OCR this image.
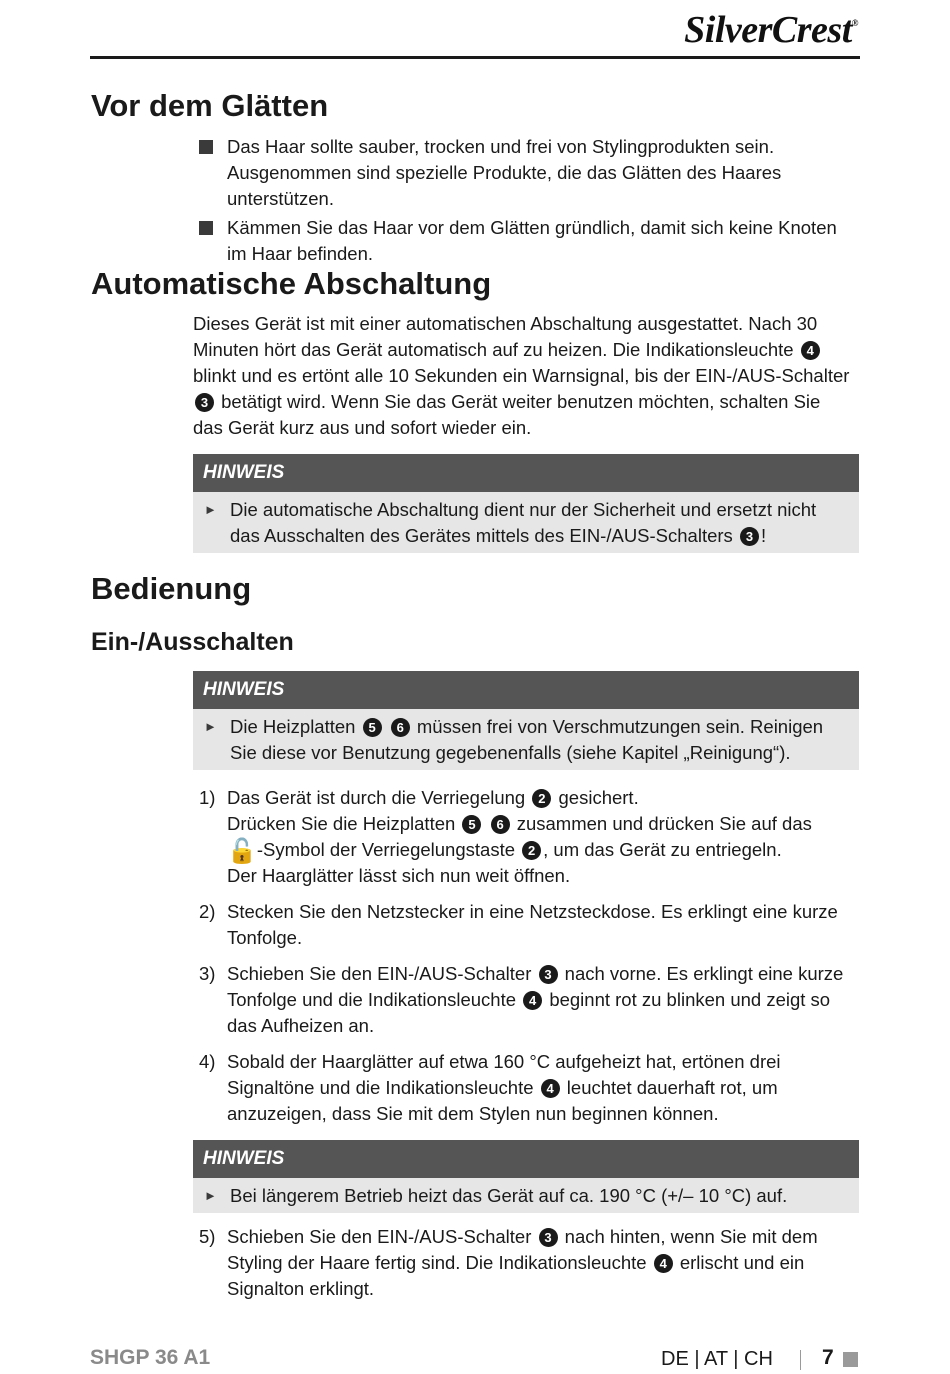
SilverCrest®
Vor dem Glätten
Das Haar sollte sauber, trocken und frei von Stylingprodukten sein. Ausgenommen sind spezielle Produkte, die das Glätten des Haares unterstützen.
Kämmen Sie das Haar vor dem Glätten gründlich, damit sich keine Knoten im Haar befinden.
Automatische Abschaltung
Dieses Gerät ist mit einer automatischen Abschaltung ausgestattet. Nach 30 Minuten hört das Gerät automatisch auf zu heizen. Die Indikationsleuchte 4 blinkt und es ertönt alle 10 Sekunden ein Warnsignal, bis der EIN-/AUS-Schalter 3 betätigt wird. Wenn Sie das Gerät weiter benutzen möchten, schalten Sie das Gerät kurz aus und sofort wieder ein.
HINWEIS
► Die automatische Abschaltung dient nur der Sicherheit und ersetzt nicht das Ausschalten des Gerätes mittels des EIN-/AUS-Schalters 3 !
Bedienung
Ein-/Ausschalten
HINWEIS
► Die Heizplatten 5 6 müssen frei von Verschmutzungen sein. Reinigen Sie diese vor Benutzung gegebenenfalls (siehe Kapitel „Reinigung“).
1) Das Gerät ist durch die Verriegelung 2 gesichert.
Drücken Sie die Heizplatten 5 6 zusammen und drücken Sie auf das
🔓-Symbol der Verriegelungstaste 2 , um das Gerät zu entriegeln.
Der Haarglätter lässt sich nun weit öffnen.
2) Stecken Sie den Netzstecker in eine Netzsteckdose. Es erklingt eine kurze Tonfolge.
3) Schieben Sie den EIN-/AUS-Schalter 3 nach vorne. Es erklingt eine kurze Tonfolge und die Indikationsleuchte 4 beginnt rot zu blinken und zeigt so das Aufheizen an.
4) Sobald der Haarglätter auf etwa 160 °C aufgeheizt hat, ertönen drei Signaltöne und die Indikationsleuchte 4 leuchtet dauerhaft rot, um anzuzeigen, dass Sie mit dem Stylen nun beginnen können.
HINWEIS
► Bei längerem Betrieb heizt das Gerät auf ca. 190 °C (+/– 10 °C) auf.
5) Schieben Sie den EIN-/AUS-Schalter 3 nach hinten, wenn Sie mit dem Styling der Haare fertig sind. Die Indikationsleuchte 4 erlischt und ein Signalton erklingt.
SHGP 36 A1	DE | AT | CH 7
